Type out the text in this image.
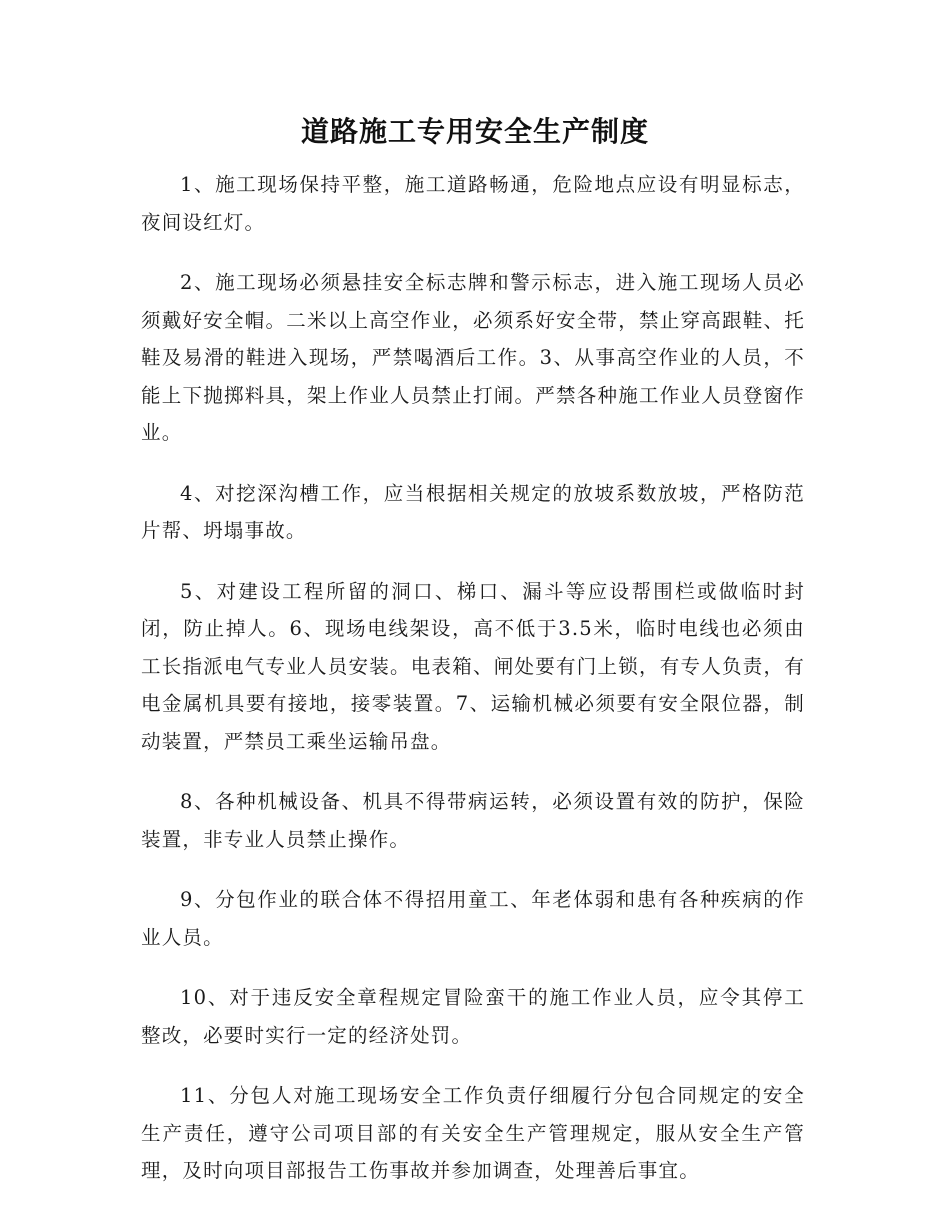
道路施工专用安全生产制度

1、施工现场保持平整，施工道路畅通，危险地点应设有明显标志，夜间设红灯。

2、施工现场必须悬挂安全标志牌和警示标志，进入施工现场人员必须戴好安全帽。二米以上高空作业，必须系好安全带，禁止穿高跟鞋、托鞋及易滑的鞋进入现场，严禁喝酒后工作。3、从事高空作业的人员，不能上下抛掷料具，架上作业人员禁止打闹。严禁各种施工作业人员登窗作业。

4、对挖深沟槽工作，应当根据相关规定的放坡系数放坡，严格防范片帮、坍塌事故。

5、对建设工程所留的洞口、梯口、漏斗等应设帮围栏或做临时封闭，防止掉人。6、现场电线架设，高不低于3.5米，临时电线也必须由工长指派电气专业人员安装。电表箱、闸处要有门上锁，有专人负责，有电金属机具要有接地，接零装置。7、运输机械必须要有安全限位器，制动装置，严禁员工乘坐运输吊盘。

8、各种机械设备、机具不得带病运转，必须设置有效的防护，保险装置，非专业人员禁止操作。

9、分包作业的联合体不得招用童工、年老体弱和患有各种疾病的作业人员。

10、对于违反安全章程规定冒险蛮干的施工作业人员，应令其停工整改，必要时实行一定的经济处罚。

11、分包人对施工现场安全工作负责仔细履行分包合同规定的安全生产责任，遵守公司项目部的有关安全生产管理规定，服从安全生产管理，及时向项目部报告工伤事故并参加调查，处理善后事宜。
